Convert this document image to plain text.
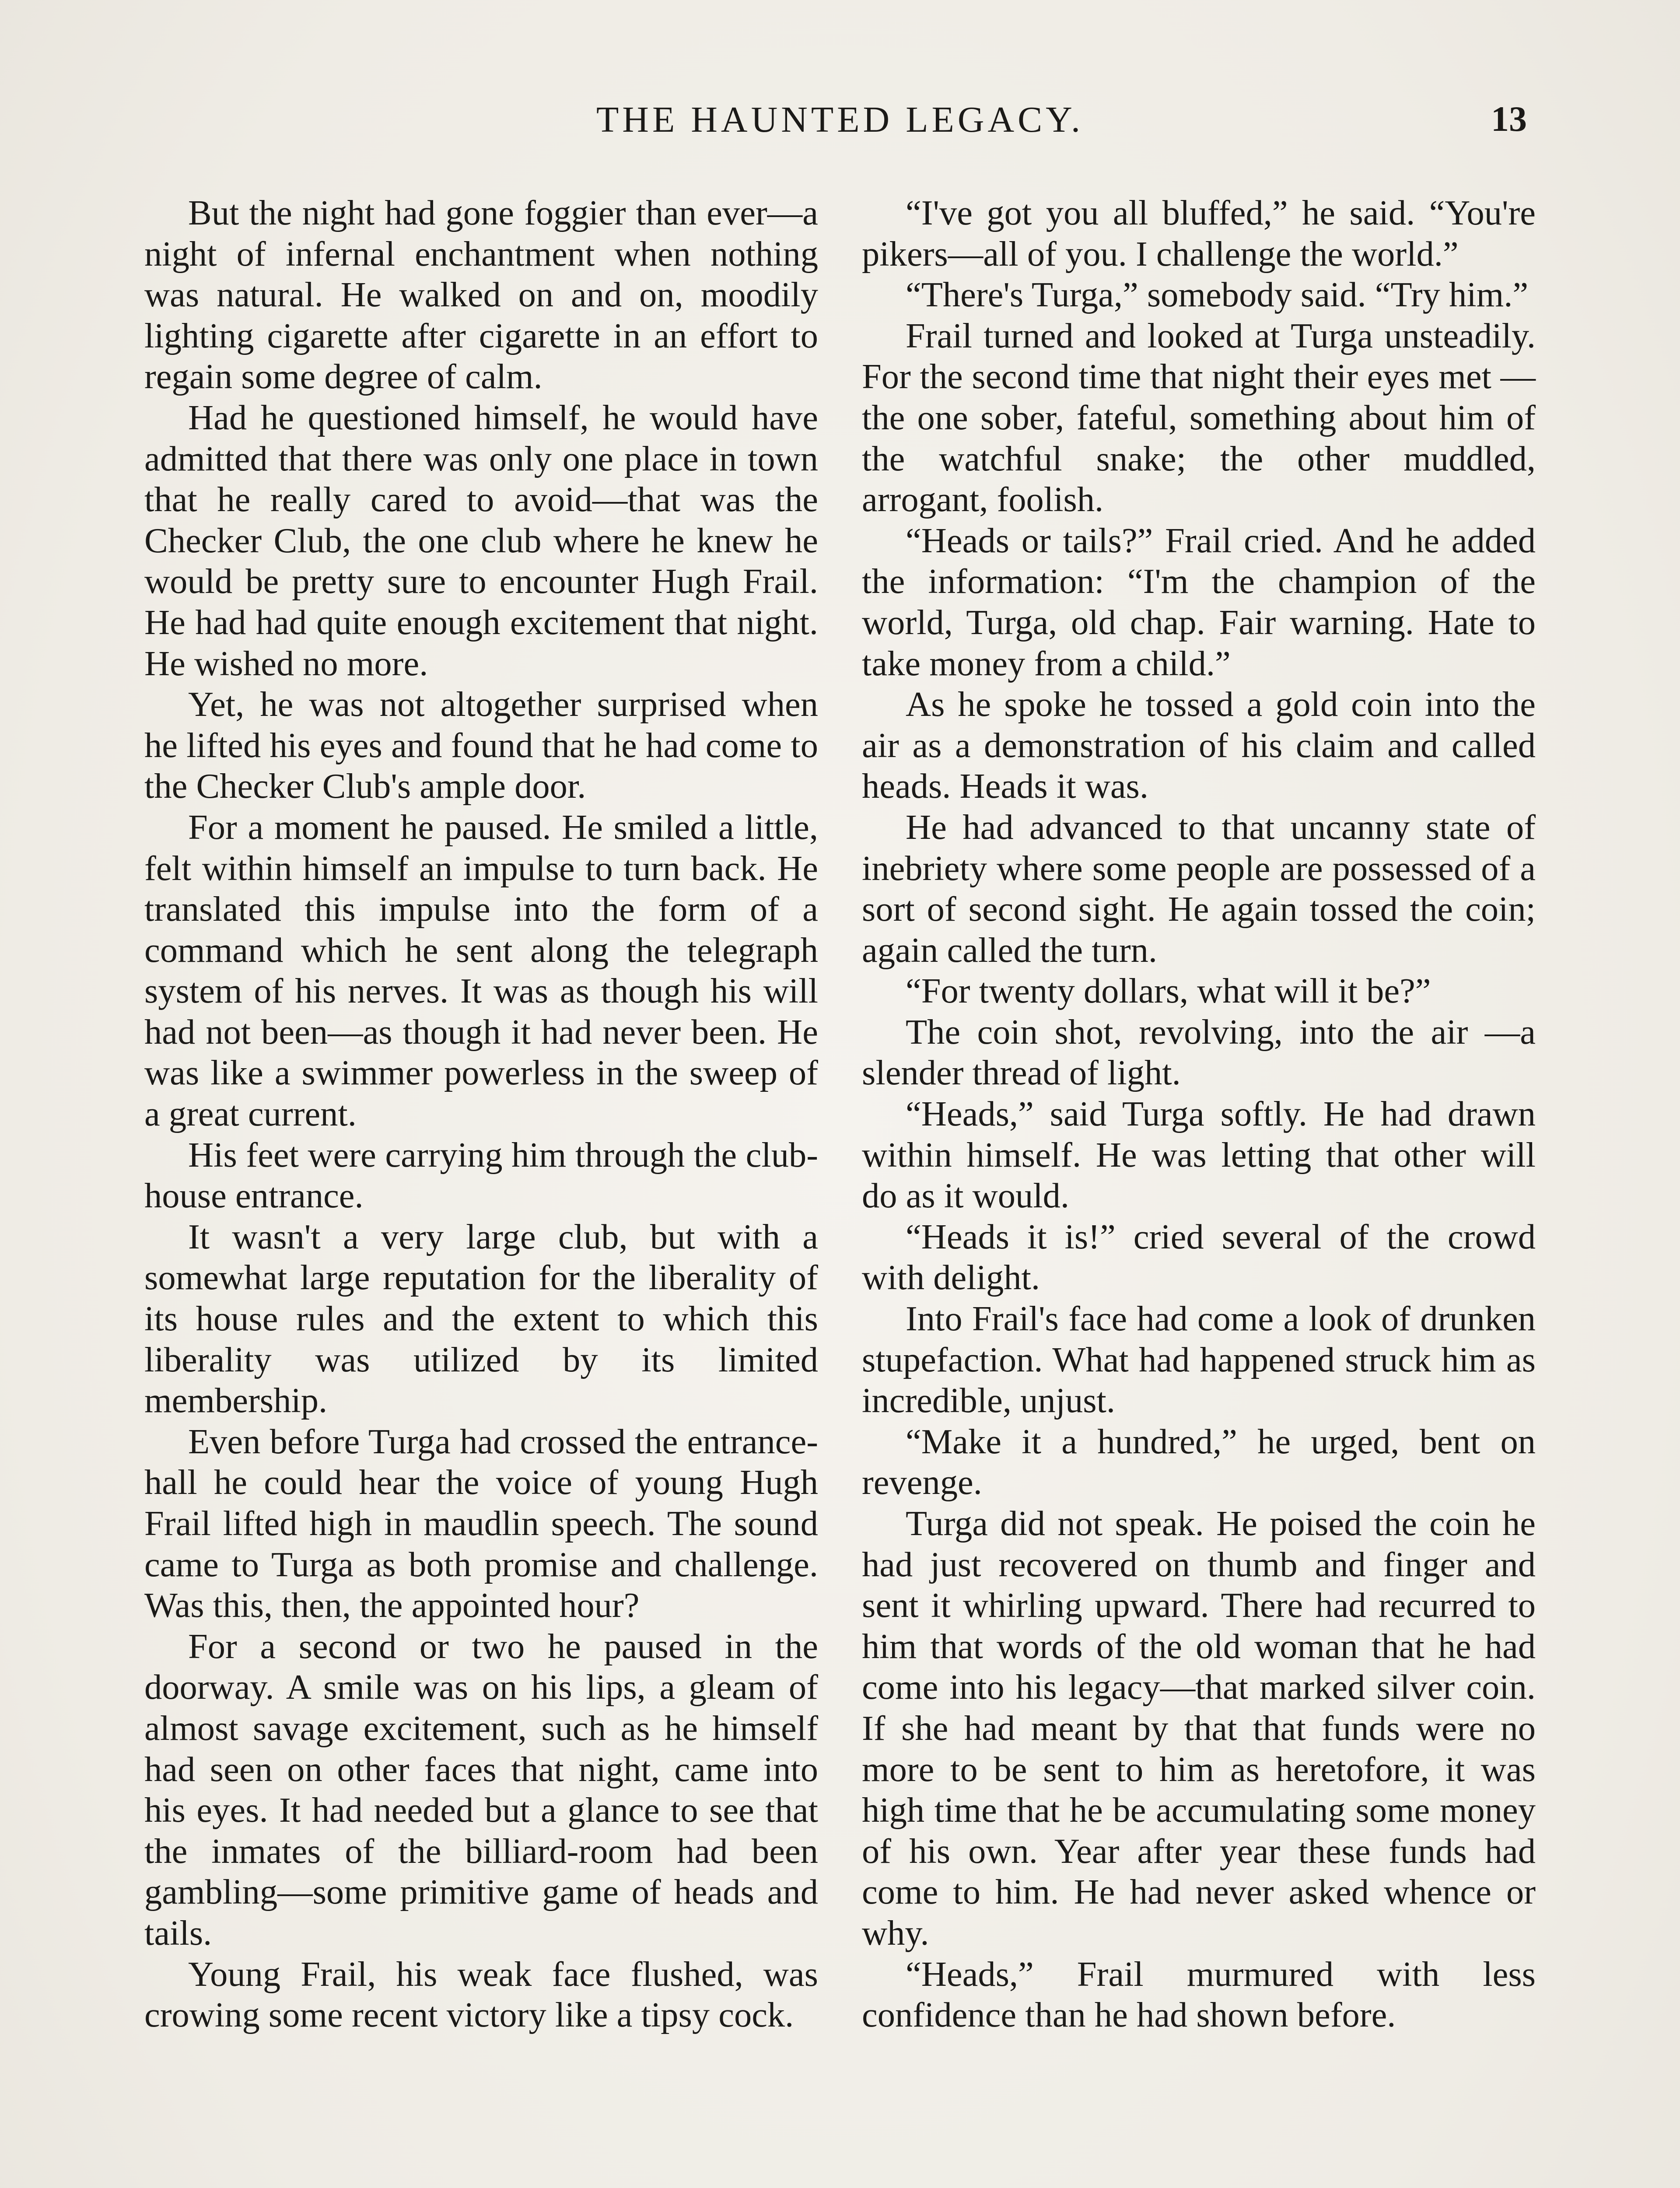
THE HAUNTED LEGACY.	13

But the night had gone foggier than ever—a night of infernal enchantment when nothing was natural. He walked on and on, moodily lighting cigarette after cigarette in an effort to regain some degree of calm.

Had he questioned himself, he would have admitted that there was only one place in town that he really cared to avoid—that was the Checker Club, the one club where he knew he would be pretty sure to encounter Hugh Frail. He had had quite enough excitement that night. He wished no more.

Yet, he was not altogether surprised when he lifted his eyes and found that he had come to the Checker Club's ample door.

For a moment he paused. He smiled a little, felt within himself an impulse to turn back. He translated this impulse into the form of a command which he sent along the telegraph system of his nerves. It was as though his will had not been—as though it had never been. He was like a swimmer powerless in the sweep of a great current.

His feet were carrying him through the club-house entrance.

It wasn't a very large club, but with a somewhat large reputation for the liberality of its house rules and the extent to which this liberality was utilized by its limited membership.

Even before Turga had crossed the entrance-hall he could hear the voice of young Hugh Frail lifted high in maudlin speech. The sound came to Turga as both promise and challenge. Was this, then, the appointed hour?

For a second or two he paused in the doorway. A smile was on his lips, a gleam of almost savage excitement, such as he himself had seen on other faces that night, came into his eyes. It had needed but a glance to see that the inmates of the billiard-room had been gambling—some primitive game of heads and tails.

Young Frail, his weak face flushed, was crowing some recent victory like a tipsy cock.

“I've got you all bluffed,” he said. “You're pikers—all of you. I challenge the world.”

“There's Turga,” somebody said. “Try him.”

Frail turned and looked at Turga unsteadily. For the second time that night their eyes met — the one sober, fateful, something about him of the watchful snake; the other muddled, arrogant, foolish.

“Heads or tails?” Frail cried. And he added the information: “I'm the champion of the world, Turga, old chap. Fair warning. Hate to take money from a child.”

As he spoke he tossed a gold coin into the air as a demonstration of his claim and called heads. Heads it was.

He had advanced to that uncanny state of inebriety where some people are possessed of a sort of second sight. He again tossed the coin; again called the turn.

“For twenty dollars, what will it be?”

The coin shot, revolving, into the air —a slender thread of light.

“Heads,” said Turga softly. He had drawn within himself. He was letting that other will do as it would.

“Heads it is!” cried several of the crowd with delight.

Into Frail's face had come a look of drunken stupefaction. What had happened struck him as incredible, unjust.

“Make it a hundred,” he urged, bent on revenge.

Turga did not speak. He poised the coin he had just recovered on thumb and finger and sent it whirling upward. There had recurred to him that words of the old woman that he had come into his legacy—that marked silver coin. If she had meant by that that funds were no more to be sent to him as heretofore, it was high time that he be accumulating some money of his own. Year after year these funds had come to him. He had never asked whence or why.

“Heads,” Frail murmured with less confidence than he had shown before.
